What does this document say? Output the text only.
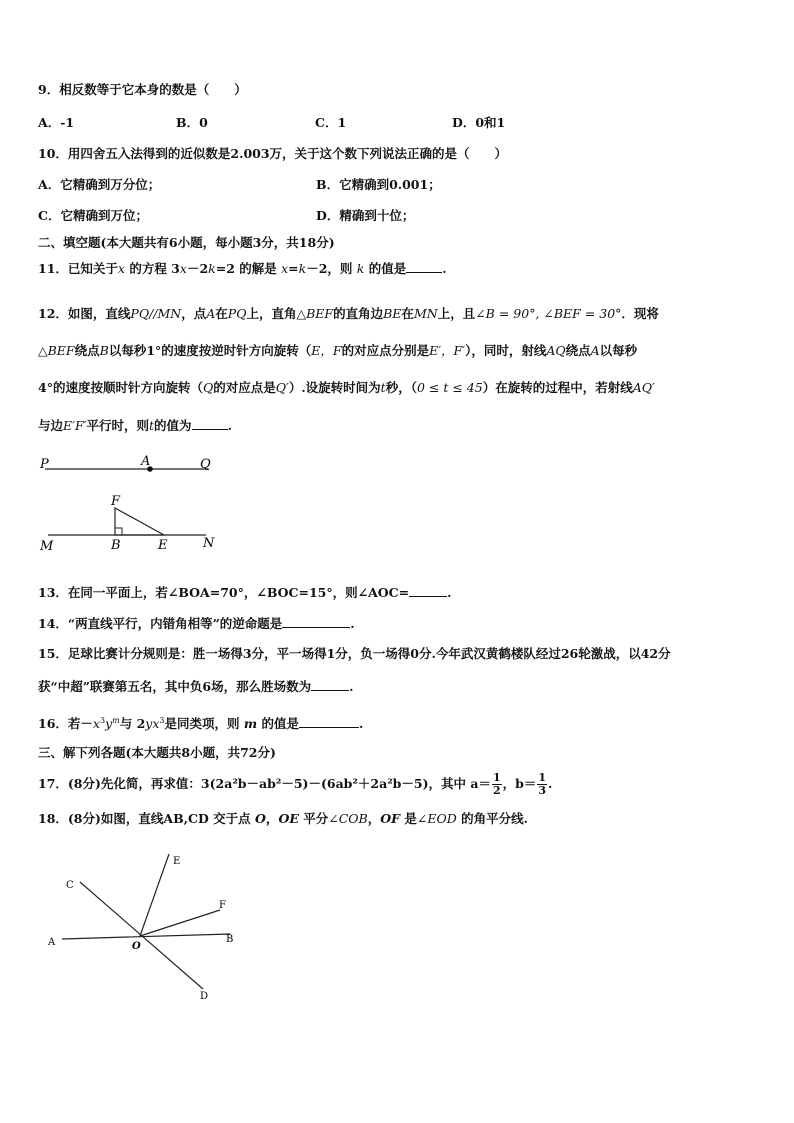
9．相反数等于它本身的数是（　　）
A．-1	B．0	C．1	D．0和1
10．用四舍五入法得到的近似数是2.003万，关于这个数下列说法正确的是（　　）
A．它精确到万分位；	B．它精确到0.001；
C．它精确到万位；	D．精确到十位；
二、填空题(本大题共有6小题，每小题3分，共18分)
11．已知关于x 的方程 3x－2k=2 的解是 x=k－2，则 k 的值是	.
12．如图，直线PQ//MN，点A在PQ上，直角△BEF的直角边BE在MN上，且∠B = 90°, ∠BEF = 30°．现将
△BEF绕点B以每秒1°的速度按逆时针方向旋转（E，F的对应点分别是E′，F′），同时，射线AQ绕点A以每秒
4°的速度按顺时针方向旋转（Q的对应点是Q′）.设旋转时间为t秒，（0 ≤ t ≤ 45）在旋转的过程中，若射线AQ′
与边E′F′平行时，则t的值为	.
P	A	Q
F
M	B	E	N
13．在同一平面上，若∠BOA=70°，∠BOC=15°，则∠AOC=	.
14．“两直线平行，内错角相等”的逆命题是	.
15．足球比赛计分规则是：胜一场得3分，平一场得1分，负一场得0分.今年武汉黄鹤楼队经过26轮激战，以42分
获“中超”联赛第五名，其中负6场，那么胜场数为	.
16．若$-x^3y^m$与 $2yx^3$是同类项，则 m 的值是	.
三、解下列各题(本大题共8小题，共72分)
17．(8分)先化简，再求值：3(2a²b－ab²－5)－(6ab²＋2a²b－5)，其中 $a= \frac{1}{2}$ ，$b= \frac{1}{3}$ .
18．(8分)如图，直线AB,CD 交于点 O，OE 平分∠COB，OF 是∠EOD 的角平分线.
A	B
C
D
E
F
O
